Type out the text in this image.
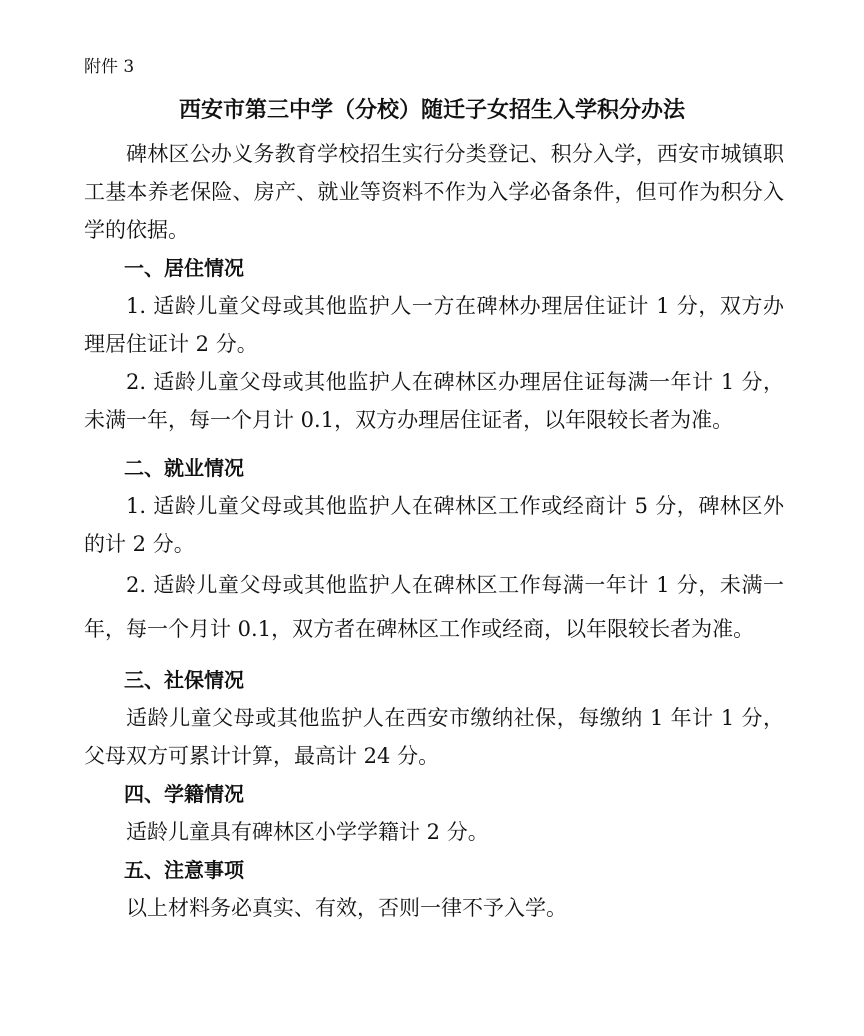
附件 3
西安市第三中学（分校）随迁子女招生入学积分办法

碑林区公办义务教育学校招生实行分类登记、积分入学，西安市城镇职工基本养老保险、房产、就业等资料不作为入学必备条件，但可作为积分入学的依据。

一、居住情况

1. 适龄儿童父母或其他监护人一方在碑林办理居住证计 1 分，双方办理居住证计 2 分。

2. 适龄儿童父母或其他监护人在碑林区办理居住证每满一年计 1 分，未满一年，每一个月计 0.1，双方办理居住证者，以年限较长者为准。

二、就业情况

1. 适龄儿童父母或其他监护人在碑林区工作或经商计 5 分，碑林区外的计 2 分。

2. 适龄儿童父母或其他监护人在碑林区工作每满一年计 1 分，未满一年，每一个月计 0.1，双方者在碑林区工作或经商，以年限较长者为准。

三、社保情况

适龄儿童父母或其他监护人在西安市缴纳社保，每缴纳 1 年计 1 分，父母双方可累计计算，最高计 24 分。

四、学籍情况

适龄儿童具有碑林区小学学籍计 2 分。

五、注意事项

以上材料务必真实、有效，否则一律不予入学。
